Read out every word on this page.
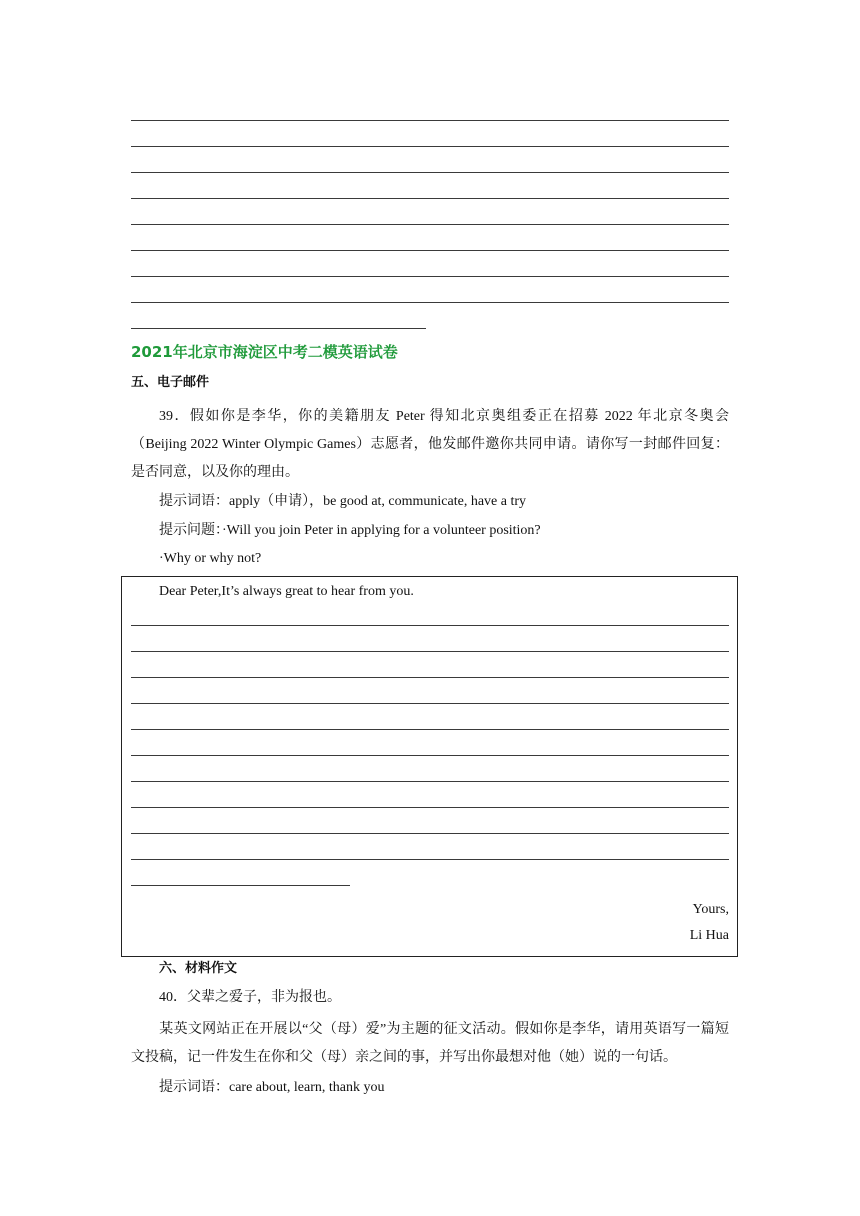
2021年北京市海淀区中考二模英语试卷
五、电子邮件
39．假如你是李华，你的美籍朋友 Peter 得知北京奥组委正在招募 2022 年北京冬奥会（Beijing 2022 Winter Olympic Games）志愿者，他发邮件邀你共同申请。请你写一封邮件回复：是否同意，以及你的理由。
提示词语：apply（申请），be good at, communicate, have a try
提示问题：·Will you join Peter in applying for a volunteer position?
·Why or why not?
Dear Peter,It’s always great to hear from you.
Yours,
Li Hua
六、材料作文
40．父辈之爱子，非为报也。
某英文网站正在开展以“父（母）爱”为主题的征文活动。假如你是李华，请用英语写一篇短文投稿，记一件发生在你和父（母）亲之间的事，并写出你最想对他（她）说的一句话。
提示词语：care about, learn, thank you
